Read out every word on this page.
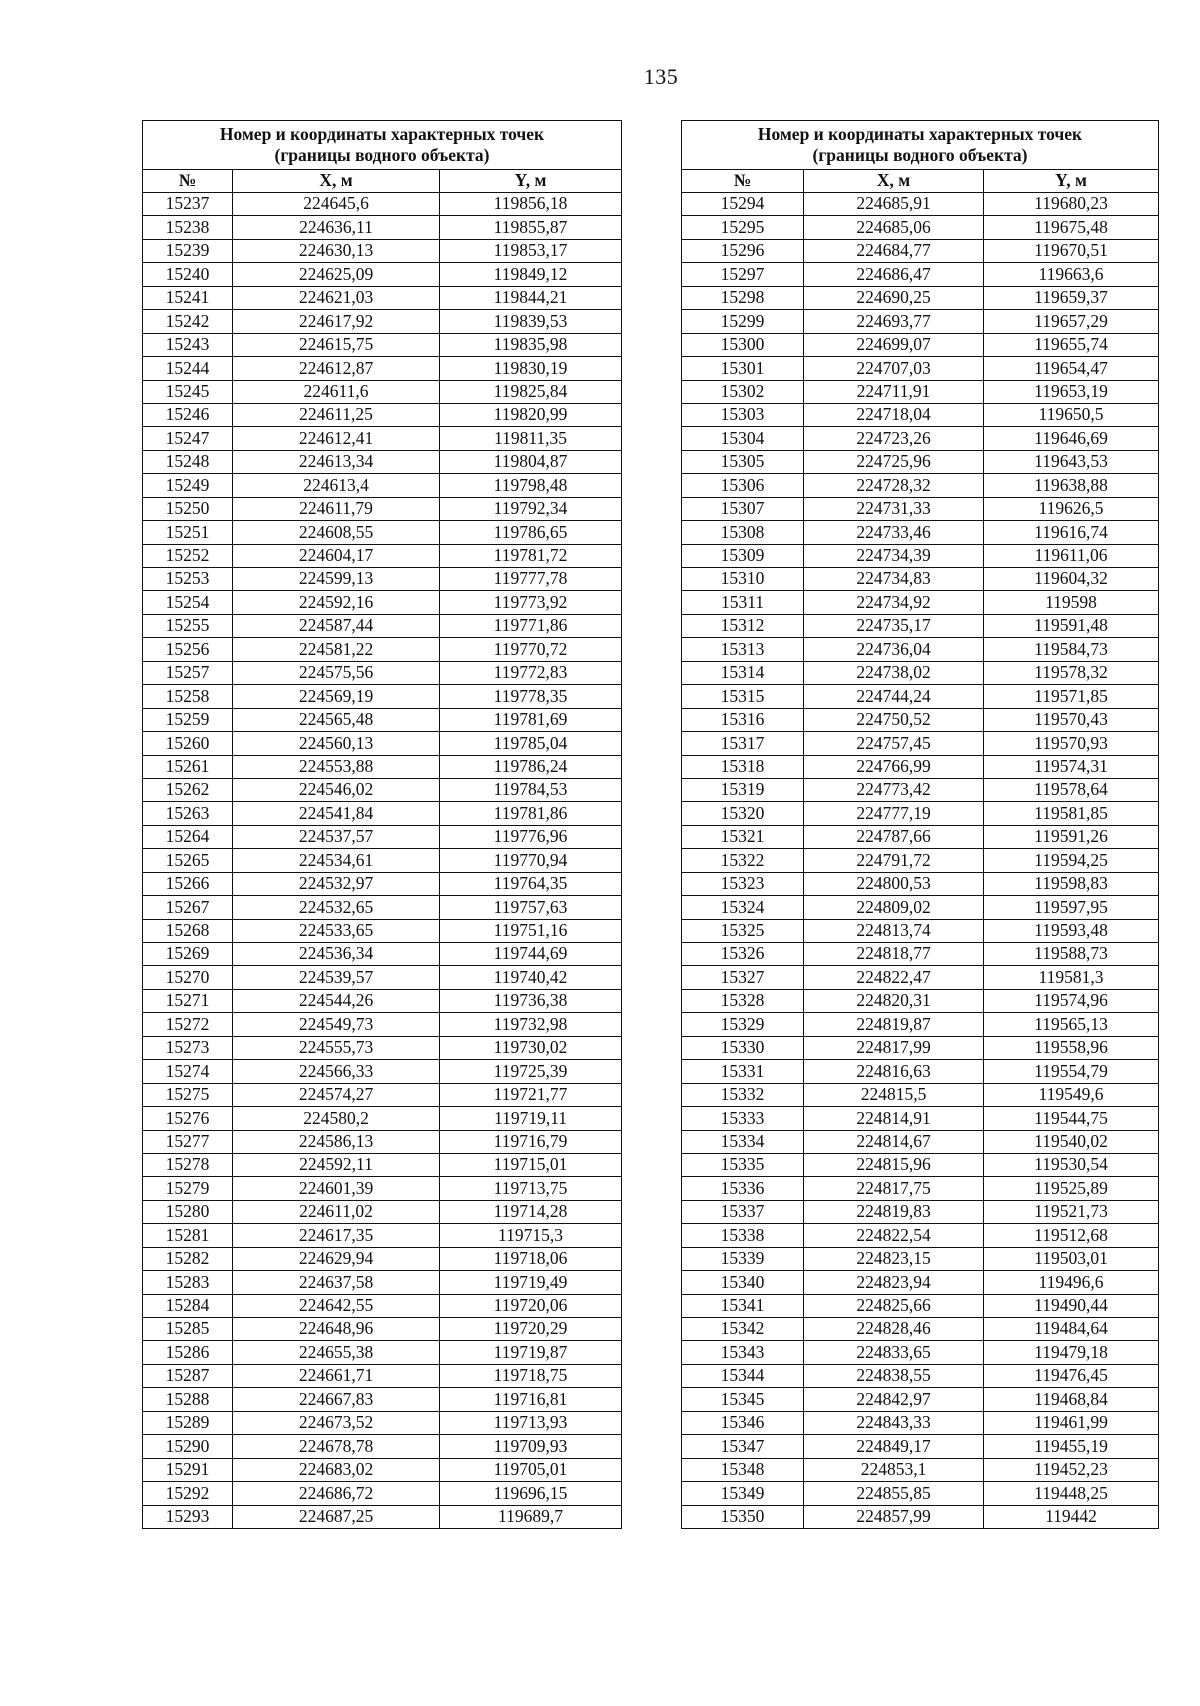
135
Номер и координаты характерных точек
(границы водного объекта)		
№	X, м	Y, м
15237	224645,6	119856,18
15238	224636,11	119855,87
15239	224630,13	119853,17
15240	224625,09	119849,12
15241	224621,03	119844,21
15242	224617,92	119839,53
15243	224615,75	119835,98
15244	224612,87	119830,19
15245	224611,6	119825,84
15246	224611,25	119820,99
15247	224612,41	119811,35
15248	224613,34	119804,87
15249	224613,4	119798,48
15250	224611,79	119792,34
15251	224608,55	119786,65
15252	224604,17	119781,72
15253	224599,13	119777,78
15254	224592,16	119773,92
15255	224587,44	119771,86
15256	224581,22	119770,72
15257	224575,56	119772,83
15258	224569,19	119778,35
15259	224565,48	119781,69
15260	224560,13	119785,04
15261	224553,88	119786,24
15262	224546,02	119784,53
15263	224541,84	119781,86
15264	224537,57	119776,96
15265	224534,61	119770,94
15266	224532,97	119764,35
15267	224532,65	119757,63
15268	224533,65	119751,16
15269	224536,34	119744,69
15270	224539,57	119740,42
15271	224544,26	119736,38
15272	224549,73	119732,98
15273	224555,73	119730,02
15274	224566,33	119725,39
15275	224574,27	119721,77
15276	224580,2	119719,11
15277	224586,13	119716,79
15278	224592,11	119715,01
15279	224601,39	119713,75
15280	224611,02	119714,28
15281	224617,35	119715,3
15282	224629,94	119718,06
15283	224637,58	119719,49
15284	224642,55	119720,06
15285	224648,96	119720,29
15286	224655,38	119719,87
15287	224661,71	119718,75
15288	224667,83	119716,81
15289	224673,52	119713,93
15290	224678,78	119709,93
15291	224683,02	119705,01
15292	224686,72	119696,15
15293	224687,25	119689,7
Номер и координаты характерных точек
(границы водного объекта)		
№	X, м	Y, м
15294	224685,91	119680,23
15295	224685,06	119675,48
15296	224684,77	119670,51
15297	224686,47	119663,6
15298	224690,25	119659,37
15299	224693,77	119657,29
15300	224699,07	119655,74
15301	224707,03	119654,47
15302	224711,91	119653,19
15303	224718,04	119650,5
15304	224723,26	119646,69
15305	224725,96	119643,53
15306	224728,32	119638,88
15307	224731,33	119626,5
15308	224733,46	119616,74
15309	224734,39	119611,06
15310	224734,83	119604,32
15311	224734,92	119598
15312	224735,17	119591,48
15313	224736,04	119584,73
15314	224738,02	119578,32
15315	224744,24	119571,85
15316	224750,52	119570,43
15317	224757,45	119570,93
15318	224766,99	119574,31
15319	224773,42	119578,64
15320	224777,19	119581,85
15321	224787,66	119591,26
15322	224791,72	119594,25
15323	224800,53	119598,83
15324	224809,02	119597,95
15325	224813,74	119593,48
15326	224818,77	119588,73
15327	224822,47	119581,3
15328	224820,31	119574,96
15329	224819,87	119565,13
15330	224817,99	119558,96
15331	224816,63	119554,79
15332	224815,5	119549,6
15333	224814,91	119544,75
15334	224814,67	119540,02
15335	224815,96	119530,54
15336	224817,75	119525,89
15337	224819,83	119521,73
15338	224822,54	119512,68
15339	224823,15	119503,01
15340	224823,94	119496,6
15341	224825,66	119490,44
15342	224828,46	119484,64
15343	224833,65	119479,18
15344	224838,55	119476,45
15345	224842,97	119468,84
15346	224843,33	119461,99
15347	224849,17	119455,19
15348	224853,1	119452,23
15349	224855,85	119448,25
15350	224857,99	119442
